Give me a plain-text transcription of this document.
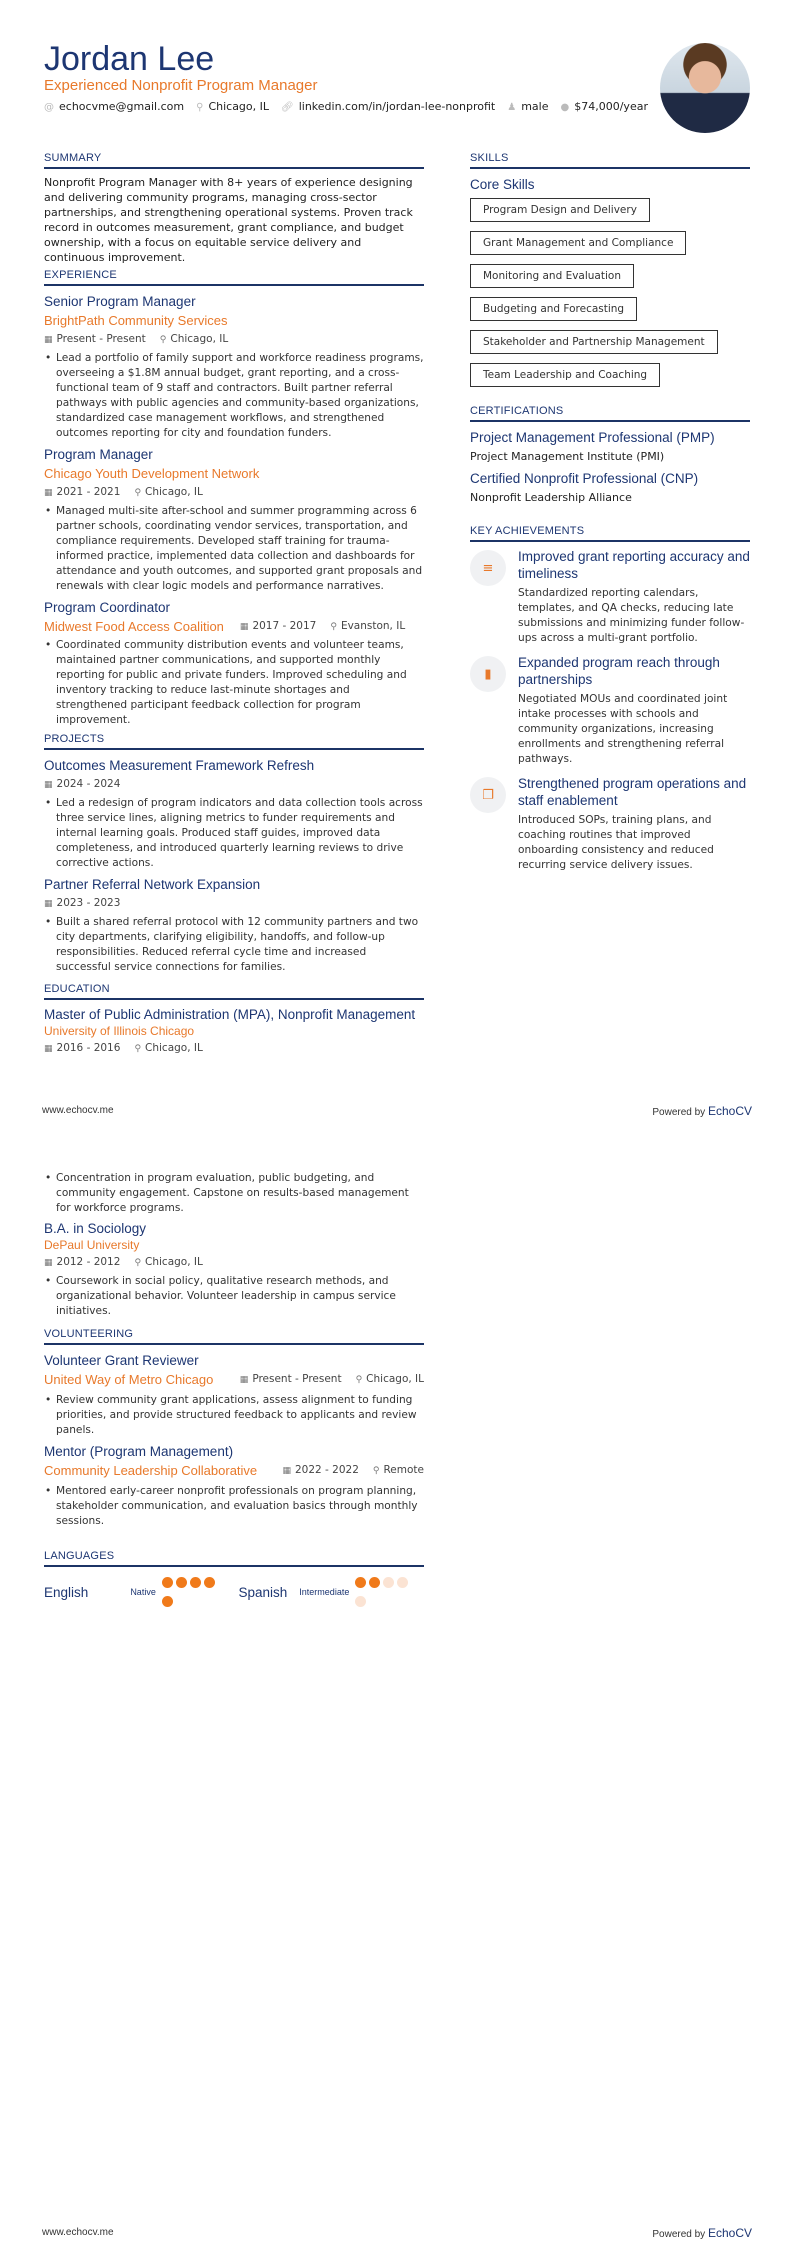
Jordan Lee
Experienced Nonprofit Program Manager
@ echocvme@gmail.com ⚲ Chicago, IL 🔗︎ linkedin.com/in/jordan-lee-nonprofit ♟ male ● $74,000/year
SUMMARY
Nonprofit Program Manager with 8+ years of experience designing and delivering community programs, managing cross-sector partnerships, and strengthening operational systems. Proven track record in outcomes measurement, grant compliance, and budget ownership, with a focus on equitable service delivery and continuous improvement.
EXPERIENCE
Senior Program Manager
BrightPath Community Services
▦ Present - Present ⚲ Chicago, IL
• Lead a portfolio of family support and workforce readiness programs, overseeing a $1.8M annual budget, grant reporting, and a cross-functional team of 9 staff and contractors. Built partner referral pathways with public agencies and community-based organizations, standardized case management workflows, and strengthened outcomes reporting for city and foundation funders.
Program Manager
Chicago Youth Development Network
▦ 2021 - 2021 ⚲ Chicago, IL
• Managed multi-site after-school and summer programming across 6 partner schools, coordinating vendor services, transportation, and compliance requirements. Developed staff training for trauma-informed practice, implemented data collection and dashboards for attendance and youth outcomes, and supported grant proposals and renewals with clear logic models and performance narratives.
Program Coordinator
Midwest Food Access Coalition ▦ 2017 - 2017 ⚲ Evanston, IL
• Coordinated community distribution events and volunteer teams, maintained partner communications, and supported monthly reporting for public and private funders. Improved scheduling and inventory tracking to reduce last-minute shortages and strengthened participant feedback collection for program improvement.
PROJECTS
Outcomes Measurement Framework Refresh
▦ 2024 - 2024
• Led a redesign of program indicators and data collection tools across three service lines, aligning metrics to funder requirements and internal learning goals. Produced staff guides, improved data completeness, and introduced quarterly learning reviews to drive corrective actions.
Partner Referral Network Expansion
▦ 2023 - 2023
• Built a shared referral protocol with 12 community partners and two city departments, clarifying eligibility, handoffs, and follow-up responsibilities. Reduced referral cycle time and increased successful service connections for families.
EDUCATION
Master of Public Administration (MPA), Nonprofit Management
University of Illinois Chicago
▦ 2016 - 2016 ⚲ Chicago, IL
SKILLS
Core Skills
Program Design and Delivery
Grant Management and Compliance
Monitoring and Evaluation
Budgeting and Forecasting
Stakeholder and Partnership Management
Team Leadership and Coaching
CERTIFICATIONS
Project Management Professional (PMP)
Project Management Institute (PMI)
Certified Nonprofit Professional (CNP)
Nonprofit Leadership Alliance
KEY ACHIEVEMENTS
≡
Improved grant reporting accuracy and timeliness
Standardized reporting calendars, templates, and QA checks, reducing late submissions and minimizing funder follow-ups across a multi-grant portfolio.
▮
Expanded program reach through partnerships
Negotiated MOUs and coordinated joint intake processes with schools and community organizations, increasing enrollments and strengthening referral pathways.
❐
Strengthened program operations and staff enablement
Introduced SOPs, training plans, and coaching routines that improved onboarding consistency and reduced recurring service delivery issues.
www.echocv.me	Powered by EchoCV
• Concentration in program evaluation, public budgeting, and community engagement. Capstone on results-based management for workforce programs.
B.A. in Sociology
DePaul University
▦ 2012 - 2012 ⚲ Chicago, IL
• Coursework in social policy, qualitative research methods, and organizational behavior. Volunteer leadership in campus service initiatives.
VOLUNTEERING
Volunteer Grant Reviewer
United Way of Metro Chicago	▦ Present - Present ⚲ Chicago, IL
• Review community grant applications, assess alignment to funding priorities, and provide structured feedback to applicants and review panels.
Mentor (Program Management)
Community Leadership Collaborative	▦ 2022 - 2022 ⚲ Remote
• Mentored early-career nonprofit professionals on program planning, stakeholder communication, and evaluation basics through monthly sessions.
LANGUAGES
English	Native	Spanish	Intermediate
www.echocv.me	Powered by EchoCV
